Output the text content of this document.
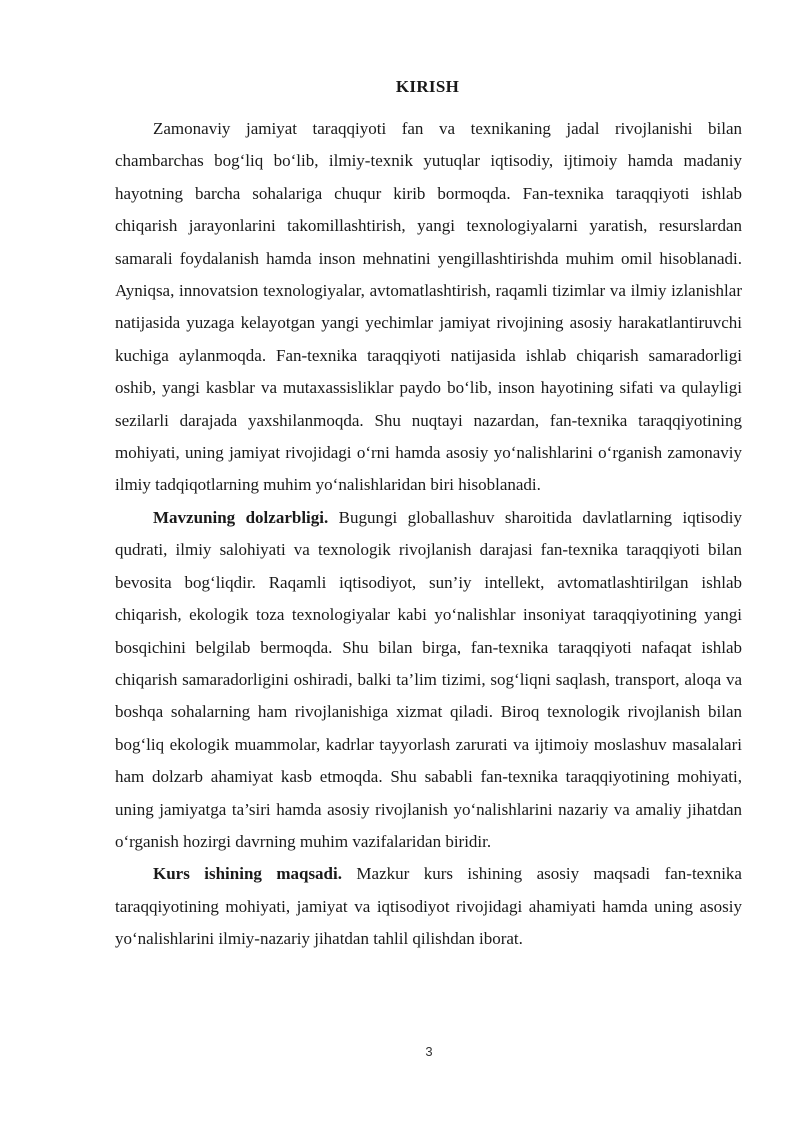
KIRISH

Zamonaviy jamiyat taraqqiyoti fan va texnikaning jadal rivojlanishi bilan chambarchas bog‘liq bo‘lib, ilmiy-texnik yutuqlar iqtisodiy, ijtimoiy hamda madaniy hayotning barcha sohalariga chuqur kirib bormoqda. Fan-texnika taraqqiyoti ishlab chiqarish jarayonlarini takomillashtirish, yangi texnologiyalarni yaratish, resurslardan samarali foydalanish hamda inson mehnatini yengillashtirishda muhim omil hisoblanadi. Ayniqsa, innovatsion texnologiyalar, avtomatlashtirish, raqamli tizimlar va ilmiy izlanishlar natijasida yuzaga kelayotgan yangi yechimlar jamiyat rivojining asosiy harakatlantiruvchi kuchiga aylanmoqda. Fan-texnika taraqqiyoti natijasida ishlab chiqarish samaradorligi oshib, yangi kasblar va mutaxassisliklar paydo bo‘lib, inson hayotining sifati va qulayligi sezilarli darajada yaxshilanmoqda. Shu nuqtayi nazardan, fan-texnika taraqqiyotining mohiyati, uning jamiyat rivojidagi o‘rni hamda asosiy yo‘nalishlarini o‘rganish zamonaviy ilmiy tadqiqotlarning muhim yo‘nalishlaridan biri hisoblanadi.

Mavzuning dolzarbligi. Bugungi globallashuv sharoitida davlatlarning iqtisodiy qudrati, ilmiy salohiyati va texnologik rivojlanish darajasi fan-texnika taraqqiyoti bilan bevosita bog‘liqdir. Raqamli iqtisodiyot, sun’iy intellekt, avtomatlashtirilgan ishlab chiqarish, ekologik toza texnologiyalar kabi yo‘nalishlar insoniyat taraqqiyotining yangi bosqichini belgilab bermoqda. Shu bilan birga, fan-texnika taraqqiyoti nafaqat ishlab chiqarish samaradorligini oshiradi, balki ta’lim tizimi, sog‘liqni saqlash, transport, aloqa va boshqa sohalarning ham rivojlanishiga xizmat qiladi. Biroq texnologik rivojlanish bilan bog‘liq ekologik muammolar, kadrlar tayyorlash zarurati va ijtimoiy moslashuv masalalari ham dolzarb ahamiyat kasb etmoqda. Shu sababli fan-texnika taraqqiyotining mohiyati, uning jamiyatga ta’siri hamda asosiy rivojlanish yo‘nalishlarini nazariy va amaliy jihatdan o‘rganish hozirgi davrning muhim vazifalaridan biridir.

Kurs ishining maqsadi. Mazkur kurs ishining asosiy maqsadi fan-texnika taraqqiyotining mohiyati, jamiyat va iqtisodiyot rivojidagi ahamiyati hamda uning asosiy yo‘nalishlarini ilmiy-nazariy jihatdan tahlil qilishdan iborat.

3
